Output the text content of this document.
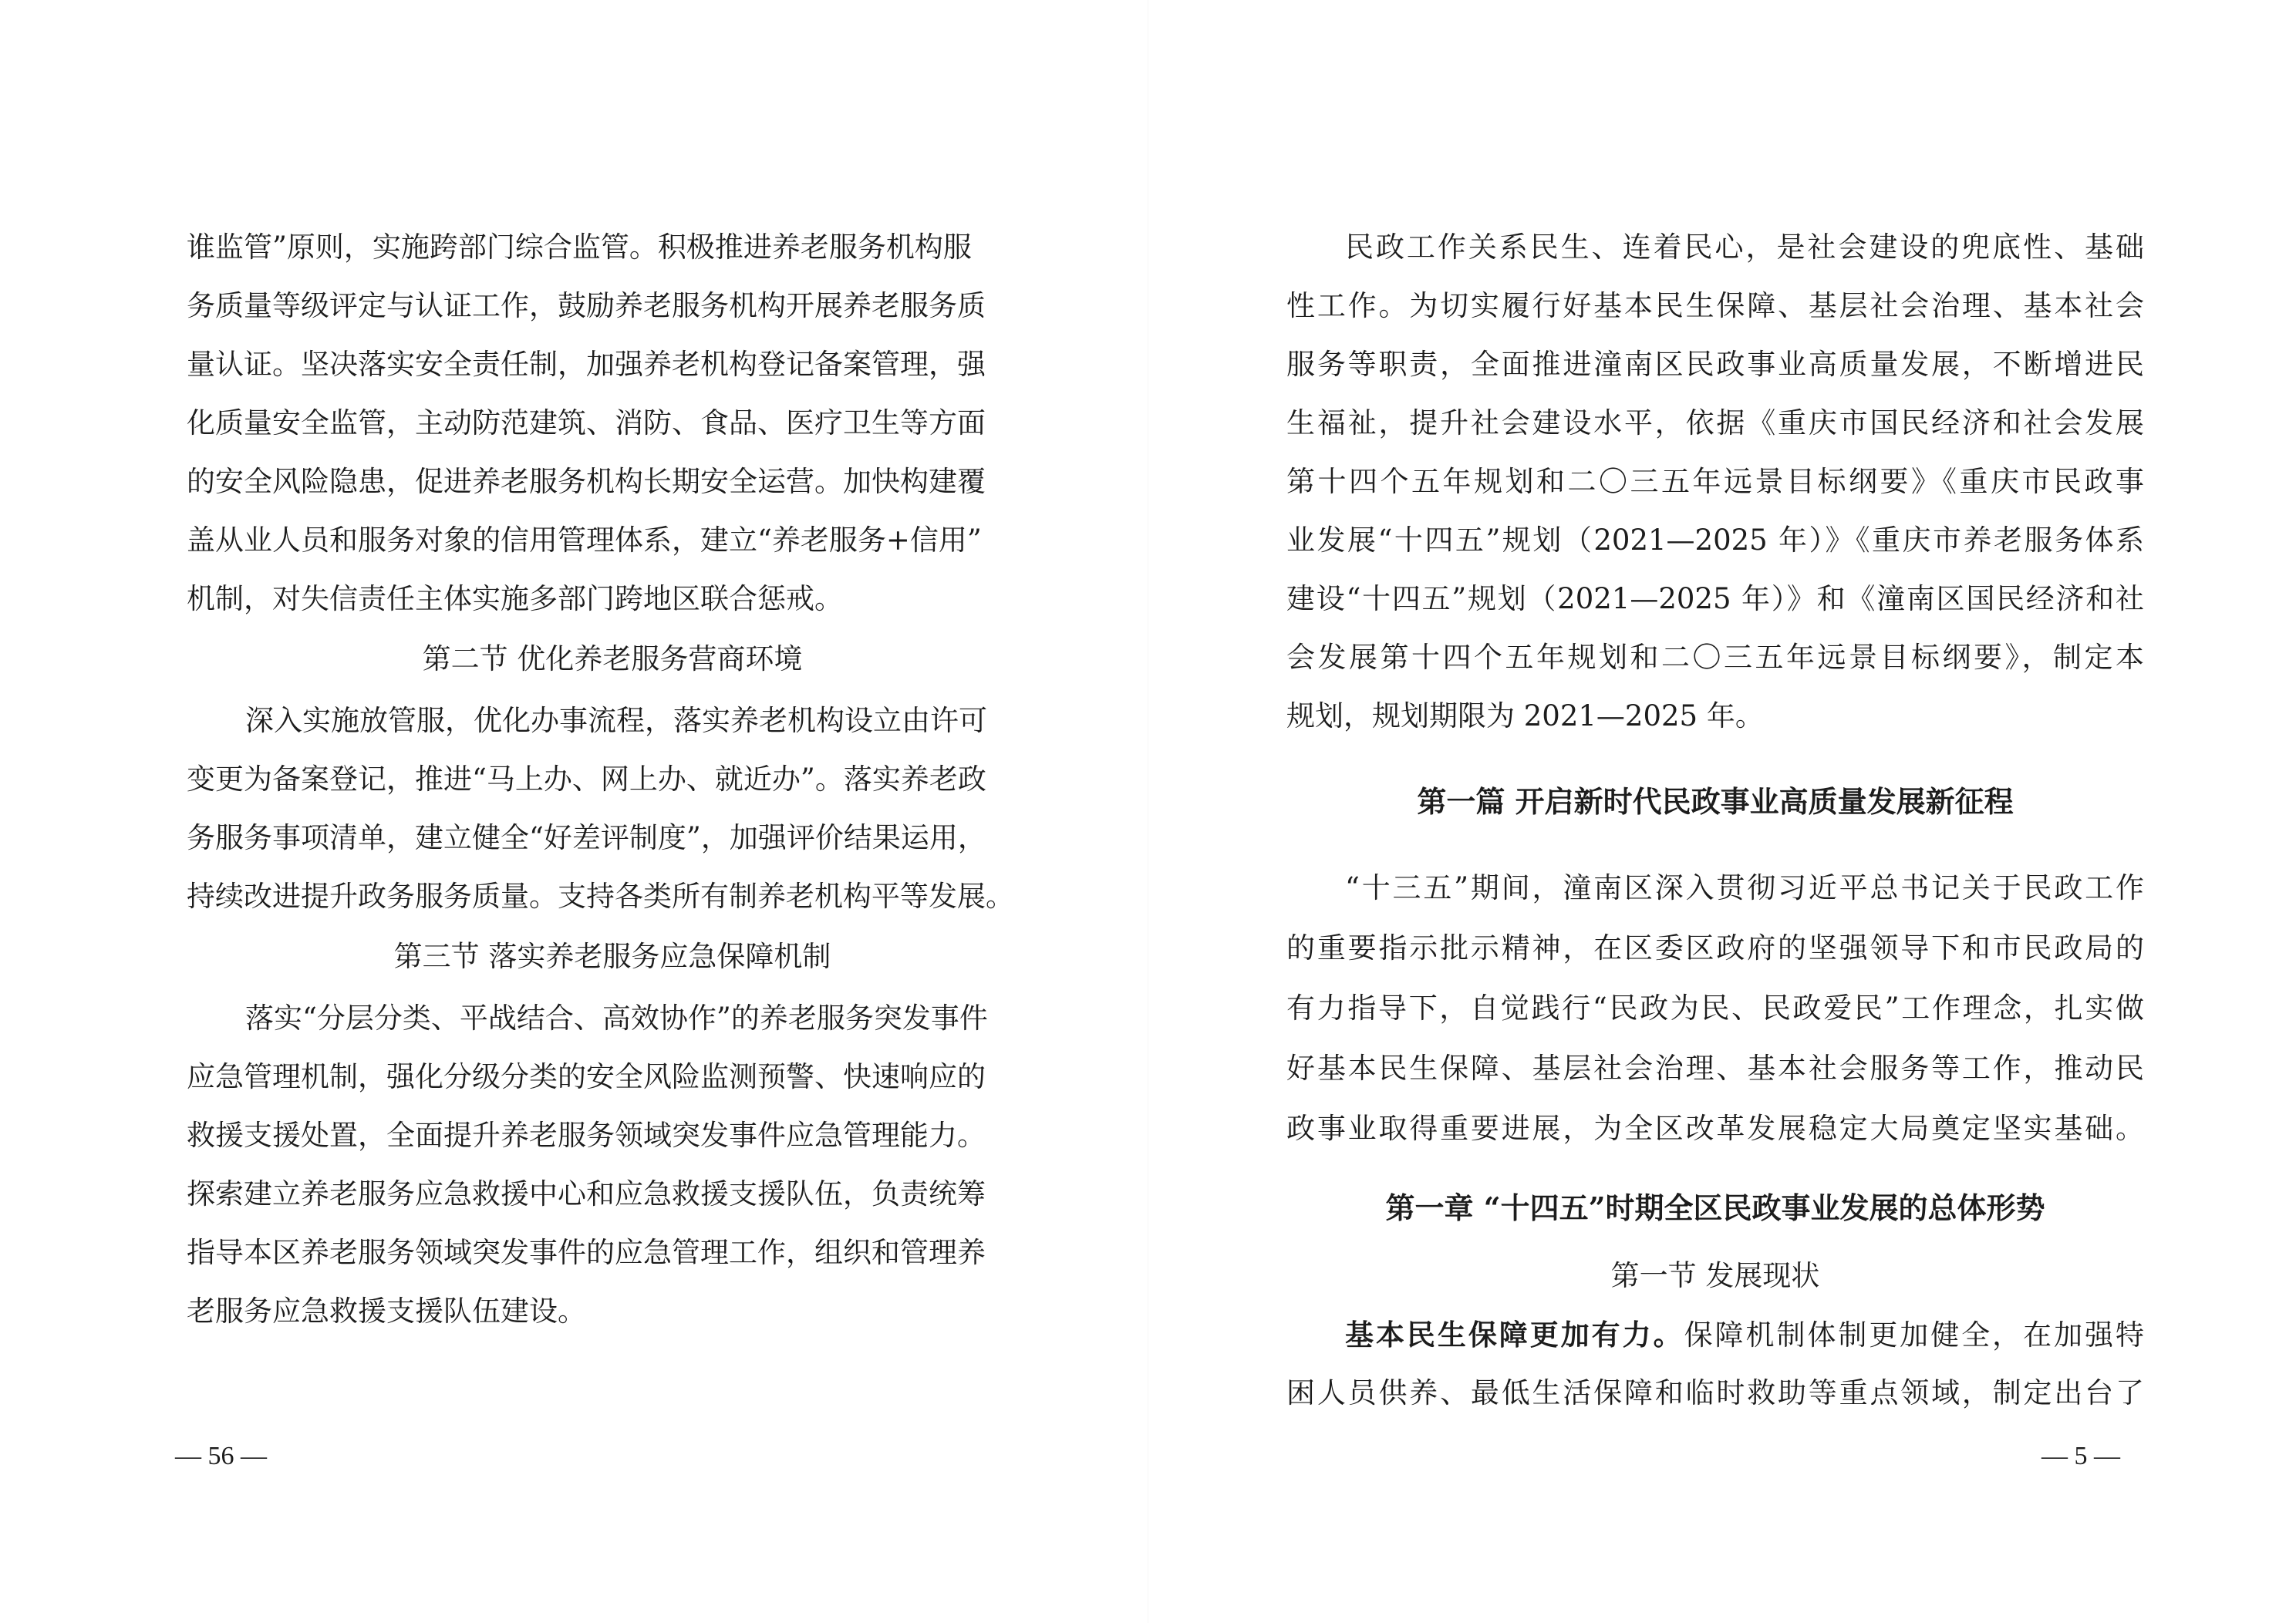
谁监管”原则，实施跨部门综合监管。积极推进养老服务机构服
务质量等级评定与认证工作，鼓励养老服务机构开展养老服务质
量认证。坚决落实安全责任制，加强养老机构登记备案管理，强
化质量安全监管，主动防范建筑、消防、食品、医疗卫生等方面
的安全风险隐患，促进养老服务机构长期安全运营。加快构建覆
盖从业人员和服务对象的信用管理体系，建立“养老服务+信用”
机制，对失信责任主体实施多部门跨地区联合惩戒。
第二节 优化养老服务营商环境
深入实施放管服，优化办事流程，落实养老机构设立由许可
变更为备案登记，推进“马上办、网上办、就近办”。落实养老政
务服务事项清单，建立健全“好差评制度”，加强评价结果运用，
持续改进提升政务服务质量。支持各类所有制养老机构平等发展。
第三节 落实养老服务应急保障机制
落实“分层分类、平战结合、高效协作”的养老服务突发事件
应急管理机制，强化分级分类的安全风险监测预警、快速响应的
救援支援处置，全面提升养老服务领域突发事件应急管理能力。
探索建立养老服务应急救援中心和应急救援支援队伍，负责统筹
指导本区养老服务领域突发事件的应急管理工作，组织和管理养
老服务应急救援支援队伍建设。
— 56 —
民政工作关系民生、连着民心，是社会建设的兜底性、基础
性工作。为切实履行好基本民生保障、基层社会治理、基本社会
服务等职责，全面推进潼南区民政事业高质量发展，不断增进民
生福祉，提升社会建设水平，依据《重庆市国民经济和社会发展
第十四个五年规划和二〇三五年远景目标纲要》《重庆市民政事
业发展“十四五”规划（2021—2025 年）》《重庆市养老服务体系
建设“十四五”规划（2021—2025 年）》和《潼南区国民经济和社
会发展第十四个五年规划和二〇三五年远景目标纲要》，制定本
规划，规划期限为 2021—2025 年。
第一篇 开启新时代民政事业高质量发展新征程
“十三五”期间，潼南区深入贯彻习近平总书记关于民政工作
的重要指示批示精神，在区委区政府的坚强领导下和市民政局的
有力指导下，自觉践行“民政为民、民政爱民”工作理念，扎实做
好基本民生保障、基层社会治理、基本社会服务等工作，推动民
政事业取得重要进展，为全区改革发展稳定大局奠定坚实基础。
第一章 “十四五”时期全区民政事业发展的总体形势
第一节 发展现状
基本民生保障更加有力。保障机制体制更加健全，在加强特
困人员供养、最低生活保障和临时救助等重点领域，制定出台了
— 5 —
